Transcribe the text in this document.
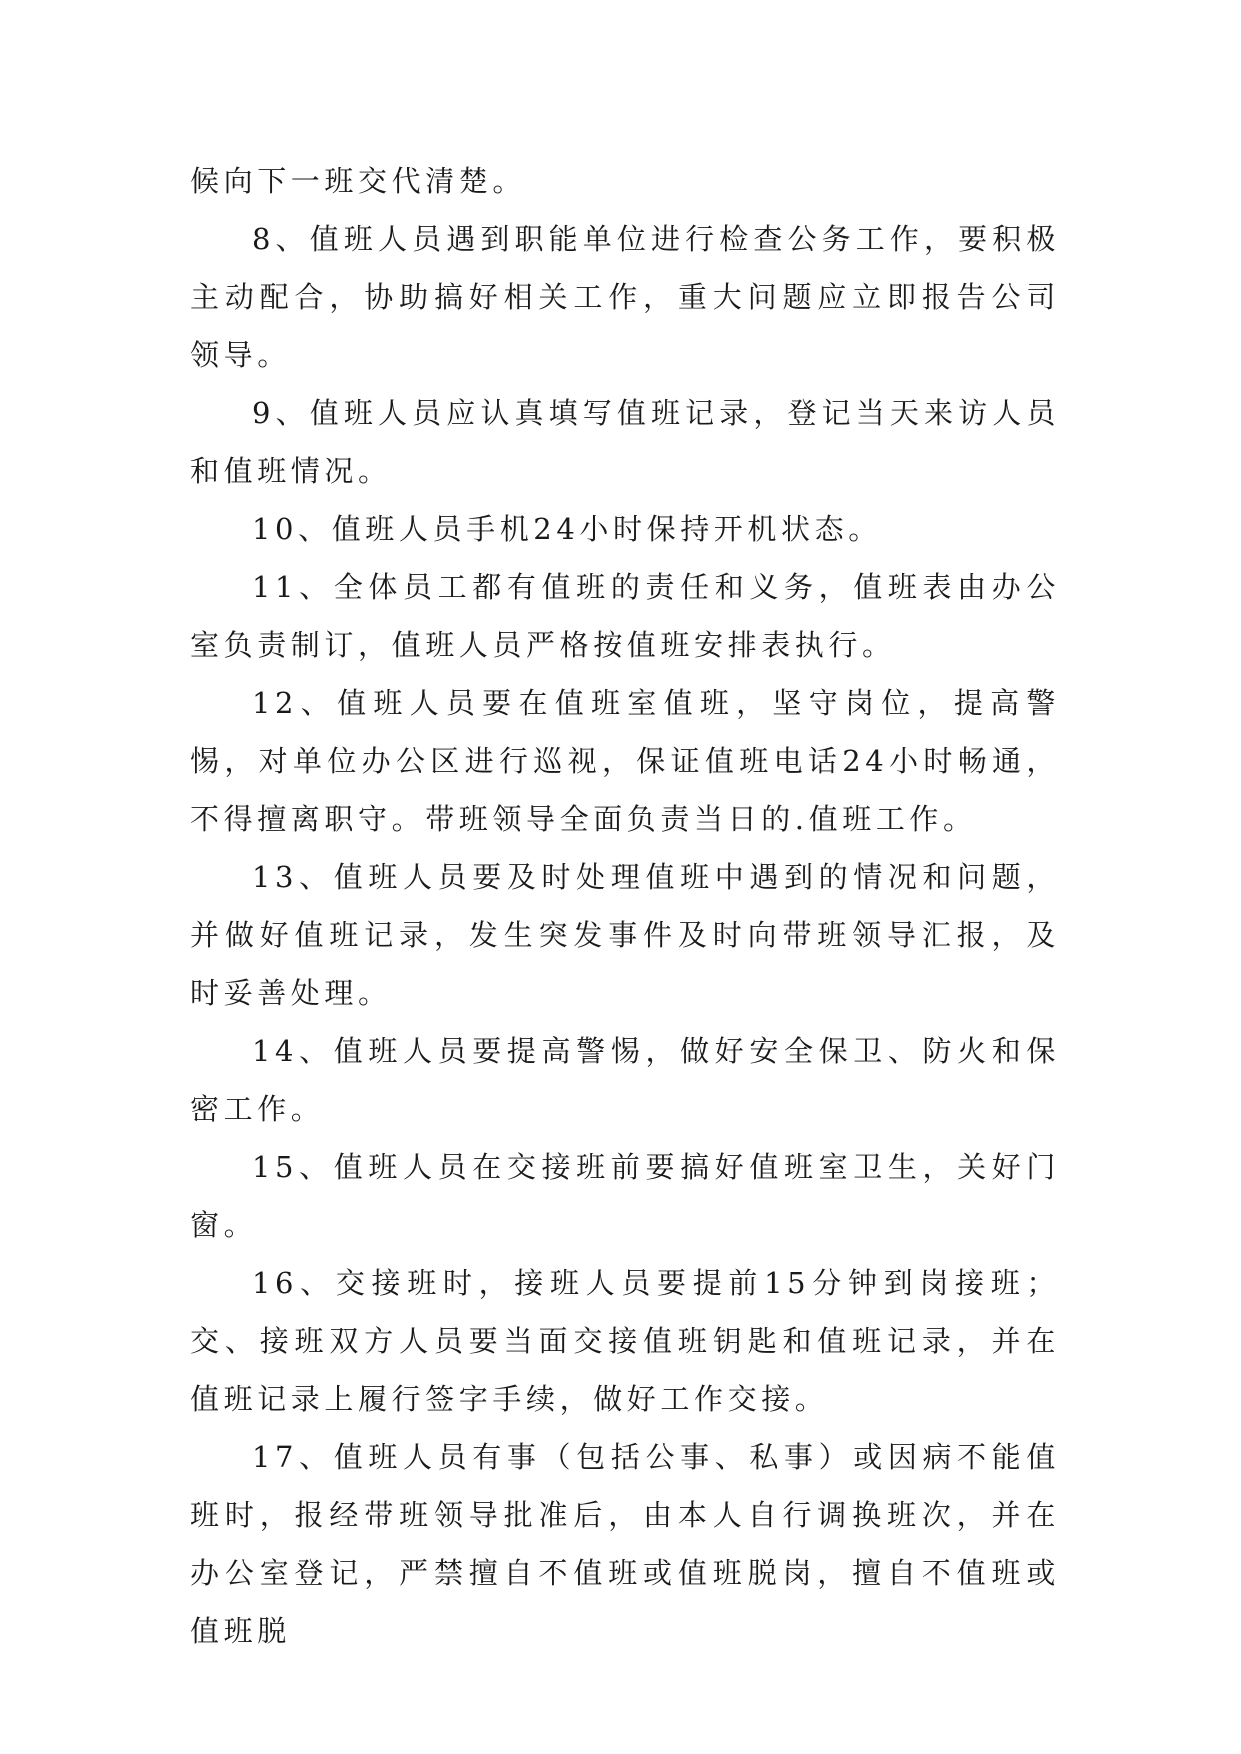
候向下一班交代清楚。

8、值班人员遇到职能单位进行检查公务工作，要积极主动配合，协助搞好相关工作，重大问题应立即报告公司领导。

9、值班人员应认真填写值班记录，登记当天来访人员和值班情况。

10、值班人员手机24小时保持开机状态。

11、全体员工都有值班的责任和义务，值班表由办公室负责制订，值班人员严格按值班安排表执行。

12、值班人员要在值班室值班，坚守岗位，提高警惕，对单位办公区进行巡视，保证值班电话24小时畅通，不得擅离职守。带班领导全面负责当日的.值班工作。

13、值班人员要及时处理值班中遇到的情况和问题，并做好值班记录，发生突发事件及时向带班领导汇报，及时妥善处理。

14、值班人员要提高警惕，做好安全保卫、防火和保密工作。

15、值班人员在交接班前要搞好值班室卫生，关好门窗。

16、交接班时，接班人员要提前15分钟到岗接班；交、接班双方人员要当面交接值班钥匙和值班记录，并在值班记录上履行签字手续，做好工作交接。

17、值班人员有事（包括公事、私事）或因病不能值班时，报经带班领导批准后，由本人自行调换班次，并在办公室登记，严禁擅自不值班或值班脱岗，擅自不值班或值班脱
